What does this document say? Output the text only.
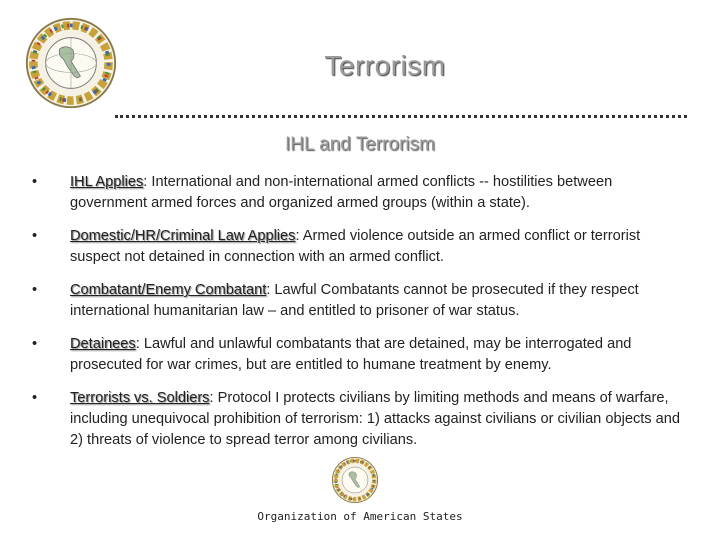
Terrorism
IHL and Terrorism
• IHL Applies: International and non-international armed conflicts -- hostilities between government armed forces and organized armed groups (within a state).
• Domestic/HR/Criminal Law Applies: Armed violence outside an armed conflict or terrorist suspect not detained in connection with an armed conflict.
• Combatant/Enemy Combatant: Lawful Combatants cannot be prosecuted if they respect international humanitarian law – and entitled to prisoner of war status.
• Detainees: Lawful and unlawful combatants that are detained, may be interrogated and prosecuted for war crimes, but are entitled to humane treatment by enemy.
• Terrorists vs. Soldiers: Protocol I protects civilians by limiting methods and means of warfare, including unequivocal prohibition of terrorism: 1) attacks against civilians or civilian objects and 2) threats of violence to spread terror among civilians.
Organization of American States
